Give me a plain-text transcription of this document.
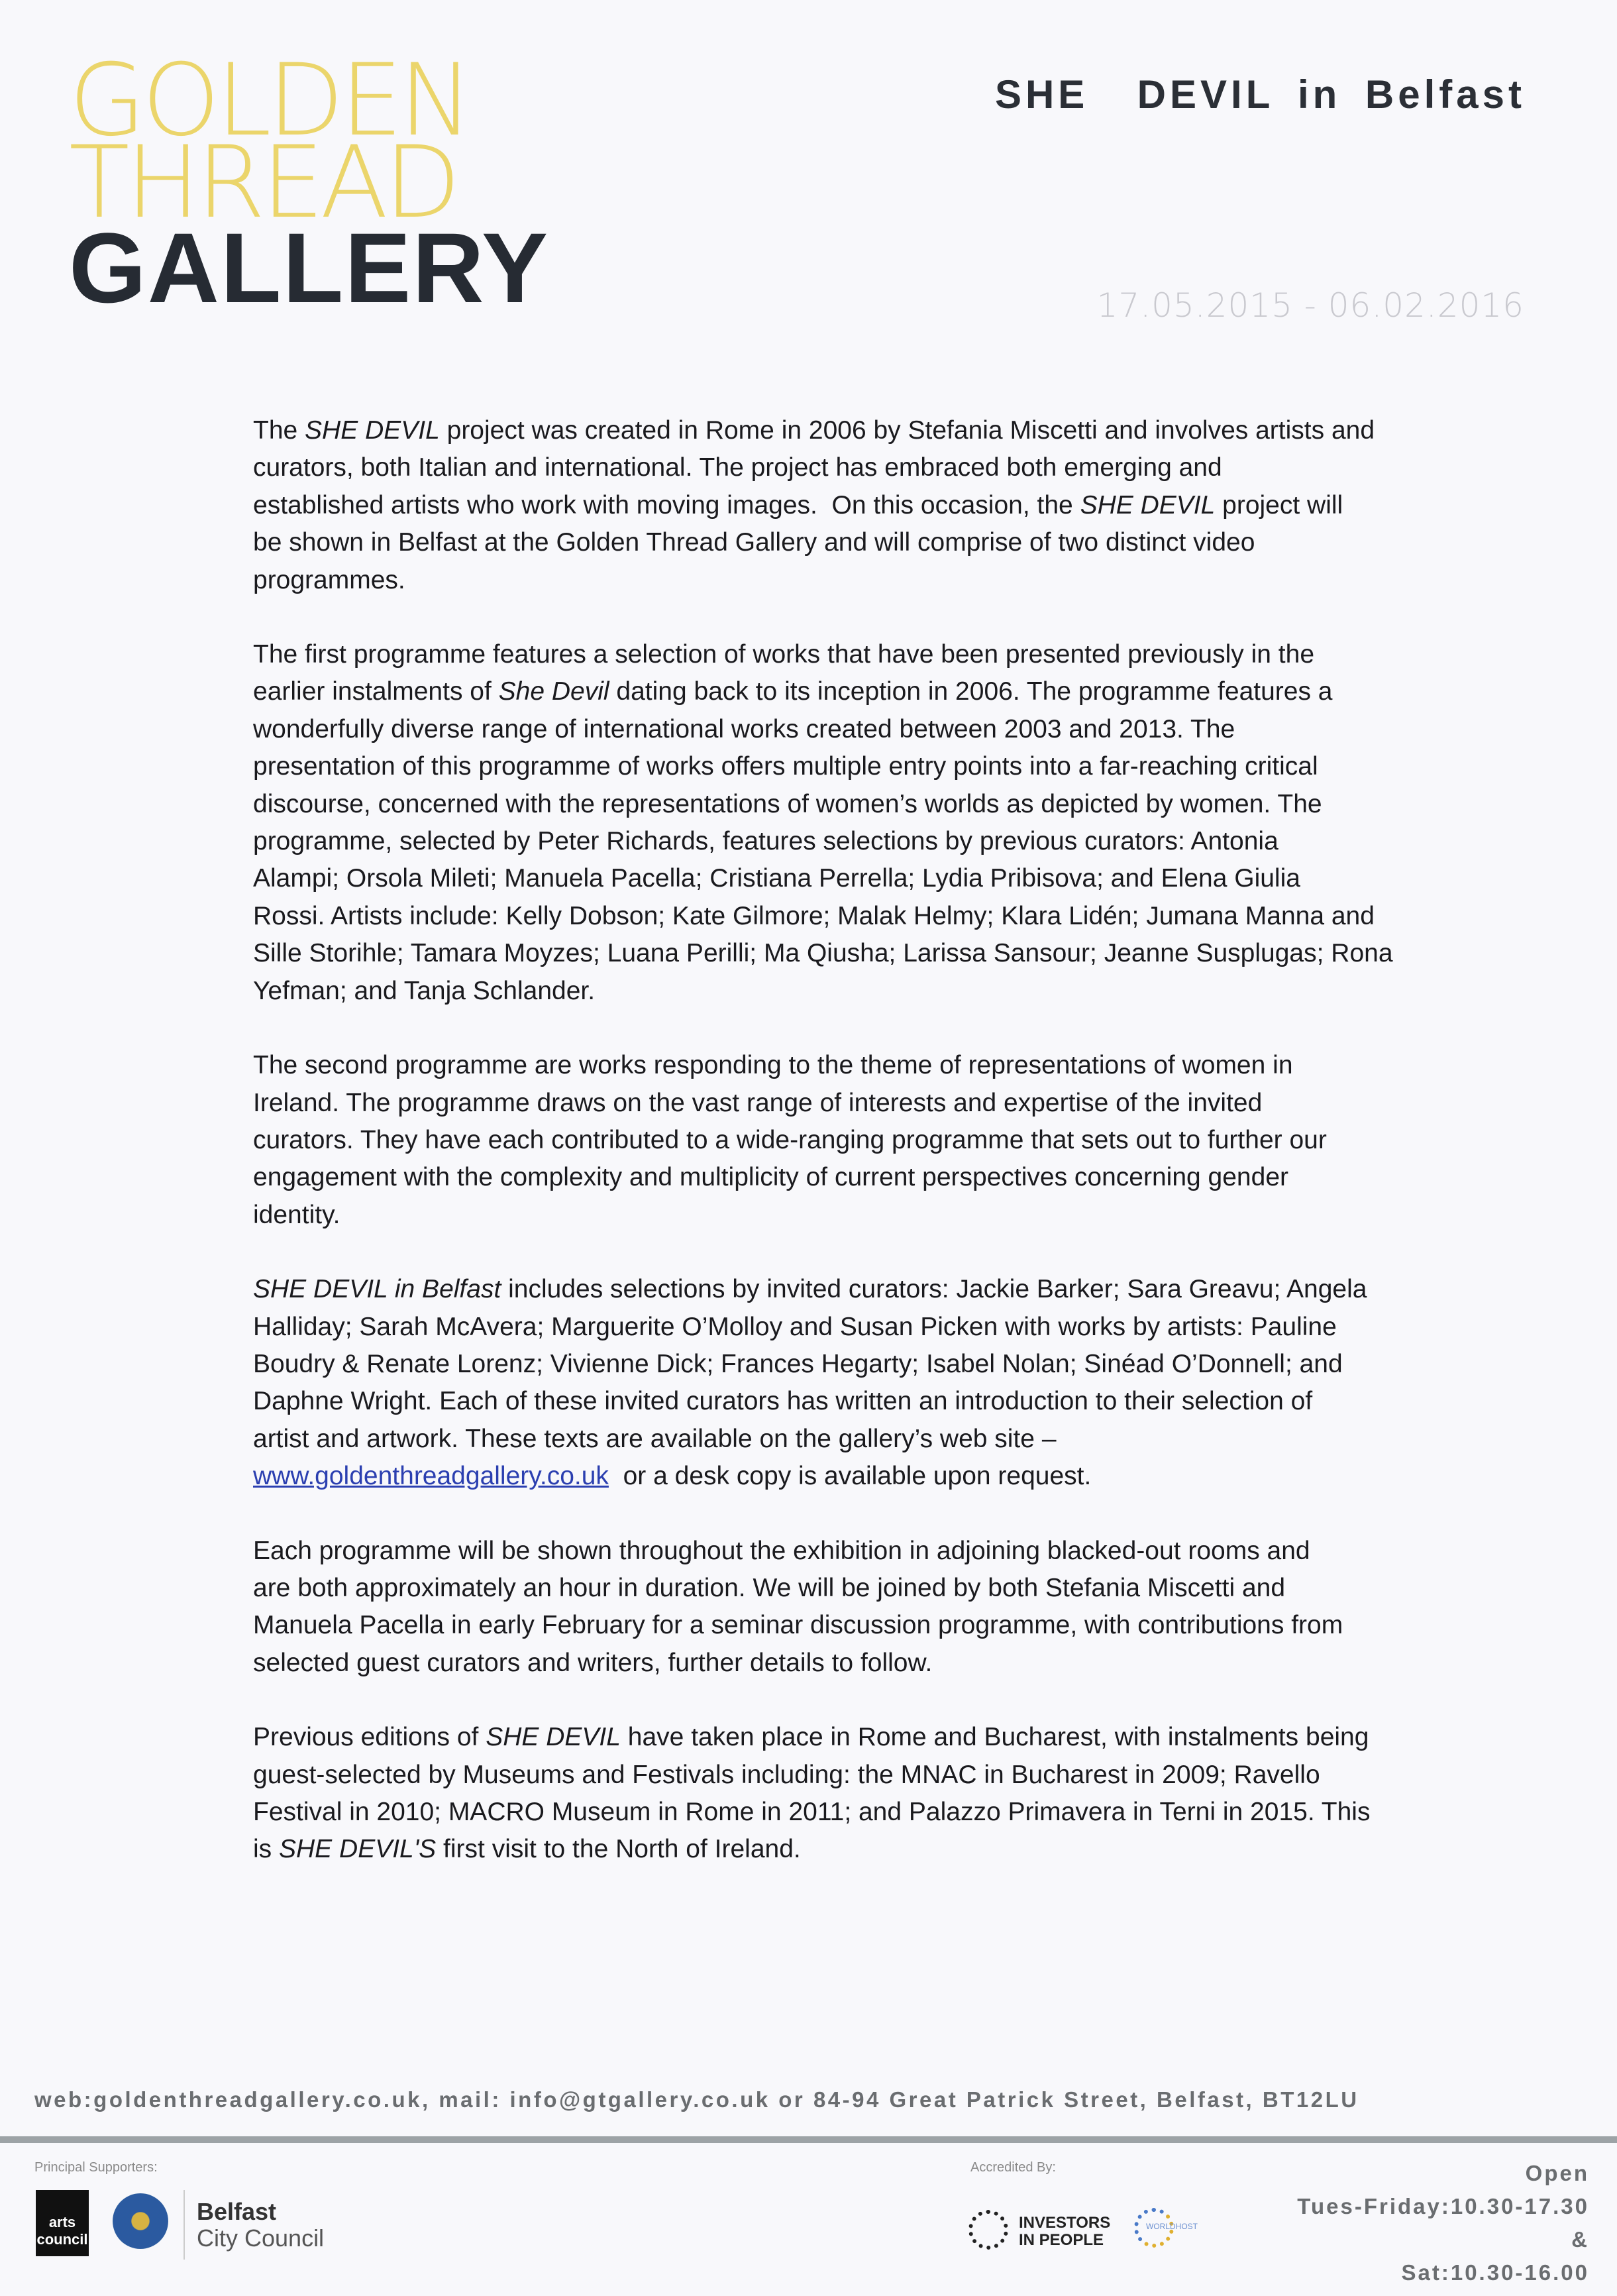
GOLDEN
THREAD
GALLERY
SHE  DEVIL in Belfast
17.05.2015 - 06.02.2016
The SHE DEVIL project was created in Rome in 2006 by Stefania Miscetti and involves artists and
curators, both Italian and international. The project has embraced both emerging and
established artists who work with moving images.  On this occasion, the SHE DEVIL project will
be shown in Belfast at the Golden Thread Gallery and will comprise of two distinct video
programmes.
The first programme features a selection of works that have been presented previously in the
earlier instalments of She Devil dating back to its inception in 2006. The programme features a
wonderfully diverse range of international works created between 2003 and 2013. The
presentation of this programme of works offers multiple entry points into a far-reaching critical
discourse, concerned with the representations of women’s worlds as depicted by women. The
programme, selected by Peter Richards, features selections by previous curators: Antonia
Alampi; Orsola Mileti; Manuela Pacella; Cristiana Perrella; Lydia Pribisova; and Elena Giulia
Rossi. Artists include: Kelly Dobson; Kate Gilmore; Malak Helmy; Klara Lidén; Jumana Manna and
Sille Storihle; Tamara Moyzes; Luana Perilli; Ma Qiusha; Larissa Sansour; Jeanne Susplugas; Rona
Yefman; and Tanja Schlander.
The second programme are works responding to the theme of representations of women in
Ireland. The programme draws on the vast range of interests and expertise of the invited
curators. They have each contributed to a wide-ranging programme that sets out to further our
engagement with the complexity and multiplicity of current perspectives concerning gender
identity.
SHE DEVIL in Belfast includes selections by invited curators: Jackie Barker; Sara Greavu; Angela
Halliday; Sarah McAvera; Marguerite O’Molloy and Susan Picken with works by artists: Pauline
Boudry & Renate Lorenz; Vivienne Dick; Frances Hegarty; Isabel Nolan; Sinéad O’Donnell; and
Daphne Wright. Each of these invited curators has written an introduction to their selection of
artist and artwork. These texts are available on the gallery’s web site –
www.goldenthreadgallery.co.uk  or a desk copy is available upon request.
Each programme will be shown throughout the exhibition in adjoining blacked-out rooms and
are both approximately an hour in duration. We will be joined by both Stefania Miscetti and
Manuela Pacella in early February for a seminar discussion programme, with contributions from
selected guest curators and writers, further details to follow.
Previous editions of SHE DEVIL have taken place in Rome and Bucharest, with instalments being
guest-selected by Museums and Festivals including: the MNAC in Bucharest in 2009; Ravello
Festival in 2010; MACRO Museum in Rome in 2011; and Palazzo Primavera in Terni in 2015. This
is SHE DEVIL'S first visit to the North of Ireland.
web:goldenthreadgallery.co.uk, mail: info@gtgallery.co.uk or 84-94 Great Patrick Street, Belfast, BT12LU
Principal Supporters:
arts council
Belfast
City Council
Accredited By:
INVESTORS
IN PEOPLE
WORLDHOST
Open
Tues-Friday:10.30-17.30
&
Sat:10.30-16.00
